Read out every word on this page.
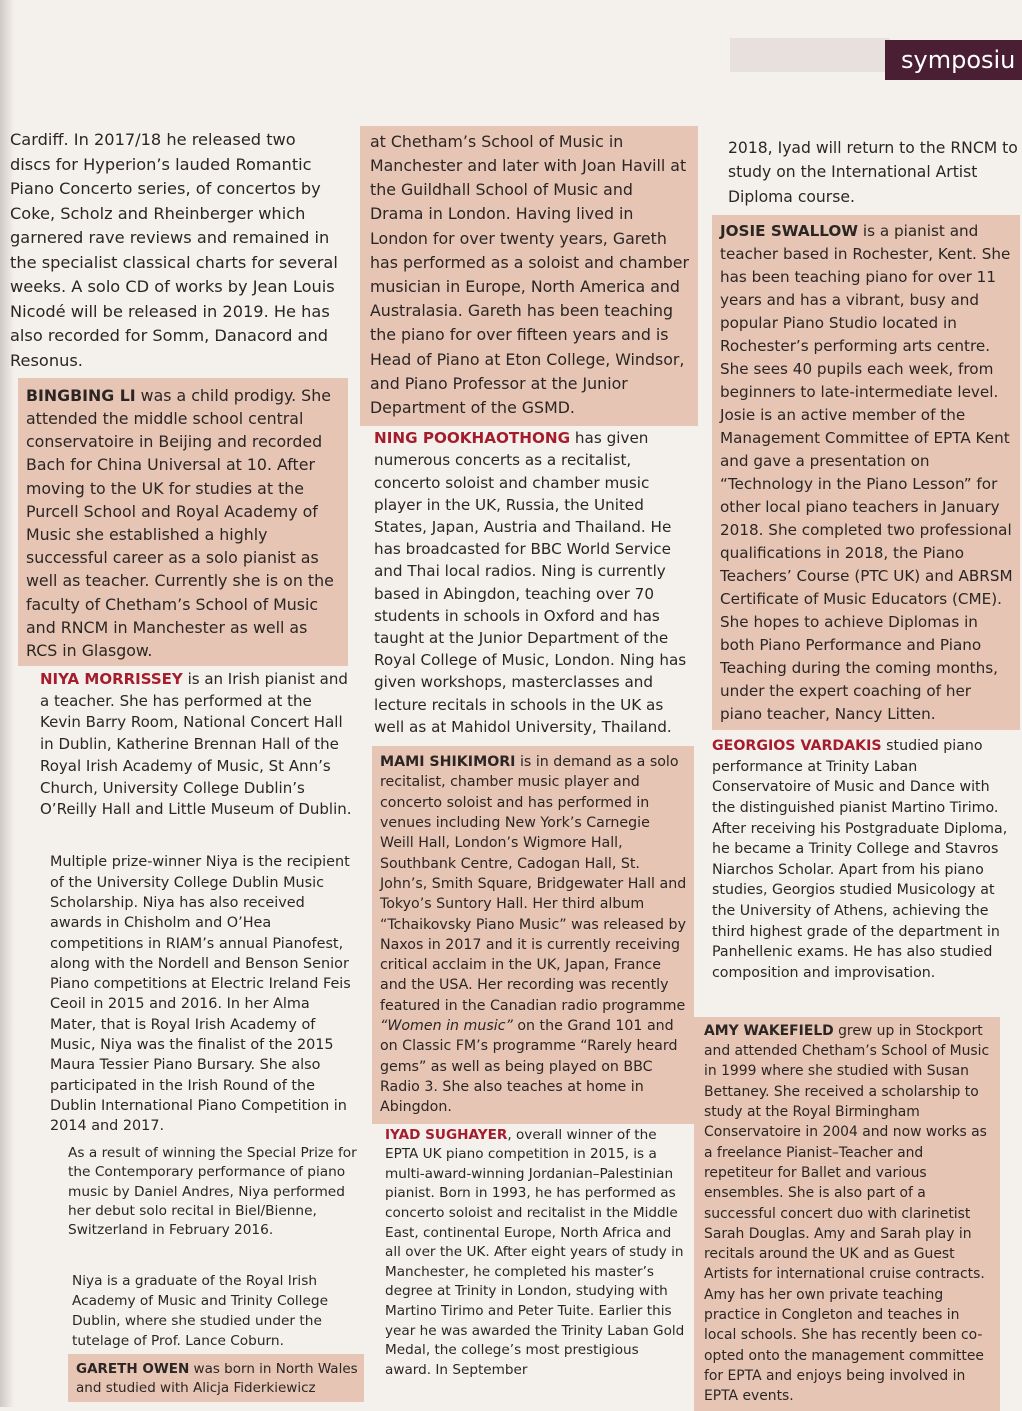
symposiu

Cardiff. In 2017/18 he released two discs for Hyperion’s lauded Romantic Piano Concerto series, of concertos by Coke, Scholz and Rheinberger which garnered rave reviews and remained in the specialist classical charts for several weeks. A solo CD of works by Jean Louis Nicodé will be released in 2019. He has also recorded for Somm, Danacord and Resonus.

BINGBING LI was a child prodigy. She attended the middle school central conservatoire in Beijing and recorded Bach for China Universal at 10. After moving to the UK for studies at the Purcell School and Royal Academy of Music she established a highly successful career as a solo pianist as well as teacher. Currently she is on the faculty of Chetham’s School of Music and RNCM in Manchester as well as RCS in Glasgow.

NIYA MORRISSEY is an Irish pianist and a teacher. She has performed at the Kevin Barry Room, National Concert Hall in Dublin, Katherine Brennan Hall of the Royal Irish Academy of Music, St Ann’s Church, University College Dublin’s O’Reilly Hall and Little Museum of Dublin.

Multiple prize-winner Niya is the recipient of the University College Dublin Music Scholarship. Niya has also received awards in Chisholm and O’Hea competitions in RIAM’s annual Pianofest, along with the Nordell and Benson Senior Piano competitions at Electric Ireland Feis Ceoil in 2015 and 2016. In her Alma Mater, that is Royal Irish Academy of Music, Niya was the finalist of the 2015 Maura Tessier Piano Bursary. She also participated in the Irish Round of the Dublin International Piano Competition in 2014 and 2017.

As a result of winning the Special Prize for the Contemporary performance of piano music by Daniel Andres, Niya performed her debut solo recital in Biel/Bienne, Switzerland in February 2016.

Niya is a graduate of the Royal Irish Academy of Music and Trinity College Dublin, where she studied under the tutelage of Prof. Lance Coburn.

GARETH OWEN was born in North Wales and studied with Alicja Fiderkiewicz

at Chetham’s School of Music in Manchester and later with Joan Havill at the Guildhall School of Music and Drama in London. Having lived in London for over twenty years, Gareth has performed as a soloist and chamber musician in Europe, North America and Australasia. Gareth has been teaching the piano for over fifteen years and is Head of Piano at Eton College, Windsor, and Piano Professor at the Junior Department of the GSMD.

NING POOKHAOTHONG has given numerous concerts as a recitalist, concerto soloist and chamber music player in the UK, Russia, the United States, Japan, Austria and Thailand. He has broadcasted for BBC World Service and Thai local radios. Ning is currently based in Abingdon, teaching over 70 students in schools in Oxford and has taught at the Junior Department of the Royal College of Music, London. Ning has given workshops, masterclasses and lecture recitals in schools in the UK as well as at Mahidol University, Thailand.

MAMI SHIKIMORI is in demand as a solo recitalist, chamber music player and concerto soloist and has performed in venues including New York’s Carnegie Weill Hall, London’s Wigmore Hall, Southbank Centre, Cadogan Hall, St. John’s, Smith Square, Bridgewater Hall and Tokyo’s Suntory Hall. Her third album “Tchaikovsky Piano Music” was released by Naxos in 2017 and it is currently receiving critical acclaim in the UK, Japan, France and the USA. Her recording was recently featured in the Canadian radio programme “Women in music” on the Grand 101 and on Classic FM’s programme “Rarely heard gems” as well as being played on BBC Radio 3. She also teaches at home in Abingdon.

IYAD SUGHAYER, overall winner of the EPTA UK piano competition in 2015, is a multi-award-winning Jordanian–Palestinian pianist. Born in 1993, he has performed as concerto soloist and recitalist in the Middle East, continental Europe, North Africa and all over the UK. After eight years of study in Manchester, he completed his master’s degree at Trinity in London, studying with Martino Tirimo and Peter Tuite. Earlier this year he was awarded the Trinity Laban Gold Medal, the college’s most prestigious award. In September

2018, Iyad will return to the RNCM to study on the International Artist Diploma course.

JOSIE SWALLOW is a pianist and teacher based in Rochester, Kent. She has been teaching piano for over 11 years and has a vibrant, busy and popular Piano Studio located in Rochester’s performing arts centre. She sees 40 pupils each week, from beginners to late-intermediate level. Josie is an active member of the Management Committee of EPTA Kent and gave a presentation on “Technology in the Piano Lesson” for other local piano teachers in January 2018. She completed two professional qualifications in 2018, the Piano Teachers’ Course (PTC UK) and ABRSM Certificate of Music Educators (CME). She hopes to achieve Diplomas in both Piano Performance and Piano Teaching during the coming months, under the expert coaching of her piano teacher, Nancy Litten.

GEORGIOS VARDAKIS studied piano performance at Trinity Laban Conservatoire of Music and Dance with the distinguished pianist Martino Tirimo. After receiving his Postgraduate Diploma, he became a Trinity College and Stavros Niarchos Scholar. Apart from his piano studies, Georgios studied Musicology at the University of Athens, achieving the third highest grade of the department in Panhellenic exams. He has also studied composition and improvisation.

AMY WAKEFIELD grew up in Stockport and attended Chetham’s School of Music in 1999 where she studied with Susan Bettaney. She received a scholarship to study at the Royal Birmingham Conservatoire in 2004 and now works as a freelance Pianist–Teacher and repetiteur for Ballet and various ensembles. She is also part of a successful concert duo with clarinetist Sarah Douglas. Amy and Sarah play in recitals around the UK and as Guest Artists for international cruise contracts. Amy has her own private teaching practice in Congleton and teaches in local schools. She has recently been co-opted onto the management committee for EPTA and enjoys being involved in EPTA events.
